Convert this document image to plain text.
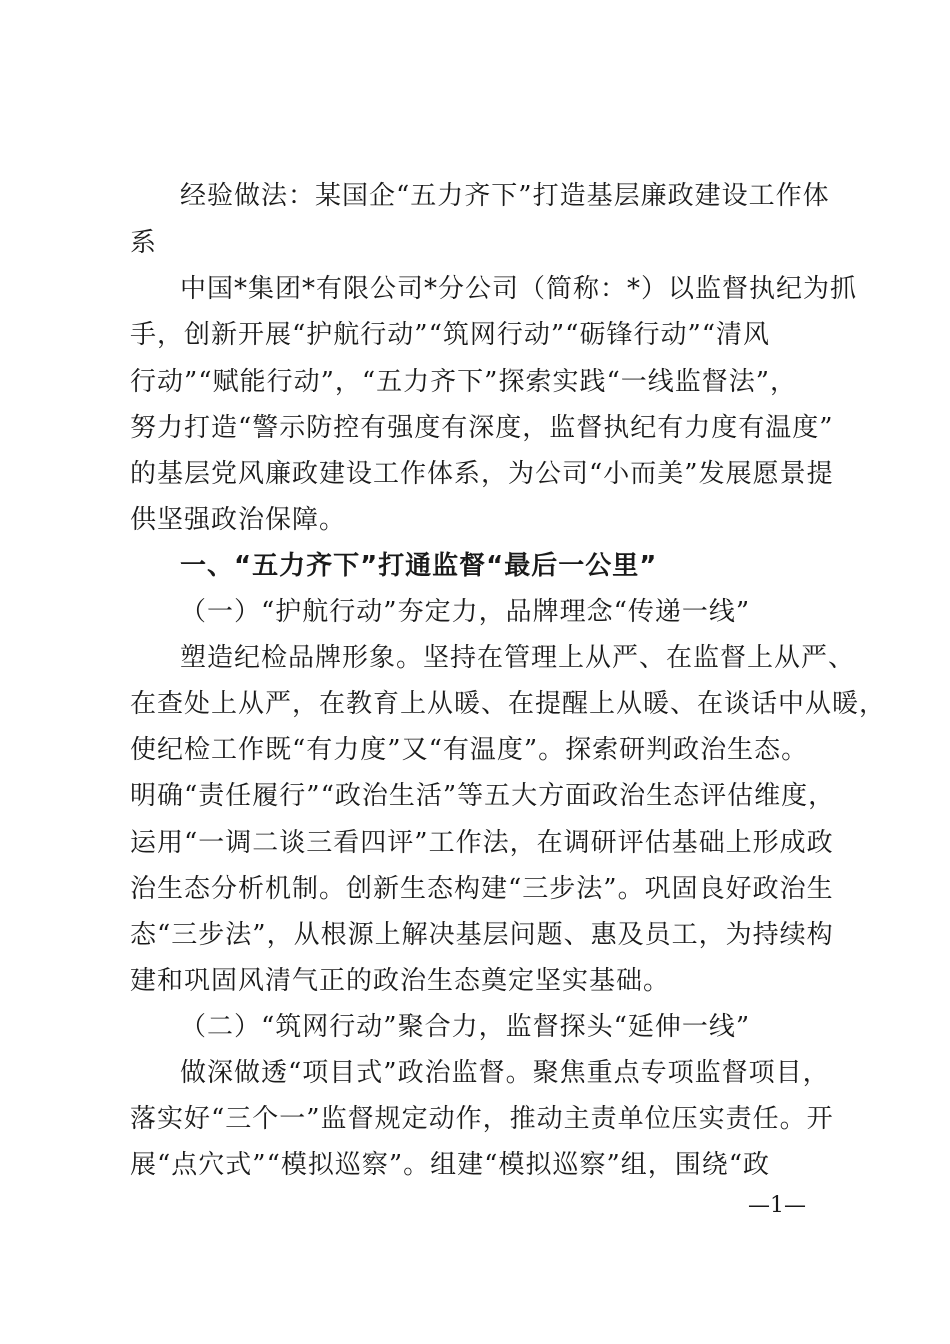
经验做法：某国企“五力齐下”打造基层廉政建设工作体
系
中国*集团*有限公司*分公司（简称：*）以监督执纪为抓
手，创新开展“护航行动”“筑网行动”“砺锋行动”“清风
行动”“赋能行动”，“五力齐下”探索实践“一线监督法”，
努力打造“警示防控有强度有深度，监督执纪有力度有温度”
的基层党风廉政建设工作体系，为公司“小而美”发展愿景提
供坚强政治保障。
一、“五力齐下”打通监督“最后一公里”
（一）“护航行动”夯定力，品牌理念“传递一线”
塑造纪检品牌形象。坚持在管理上从严、在监督上从严、
在查处上从严，在教育上从暖、在提醒上从暖、在谈话中从暖，
使纪检工作既“有力度”又“有温度”。探索研判政治生态。
明确“责任履行”“政治生活”等五大方面政治生态评估维度，
运用“一调二谈三看四评”工作法，在调研评估基础上形成政
治生态分析机制。创新生态构建“三步法”。巩固良好政治生
态“三步法”，从根源上解决基层问题、惠及员工，为持续构
建和巩固风清气正的政治生态奠定坚实基础。
（二）“筑网行动”聚合力，监督探头“延伸一线”
做深做透“项目式”政治监督。聚焦重点专项监督项目，
落实好“三个一”监督规定动作，推动主责单位压实责任。开
展“点穴式”“模拟巡察”。组建“模拟巡察”组，围绕“政
—1—
